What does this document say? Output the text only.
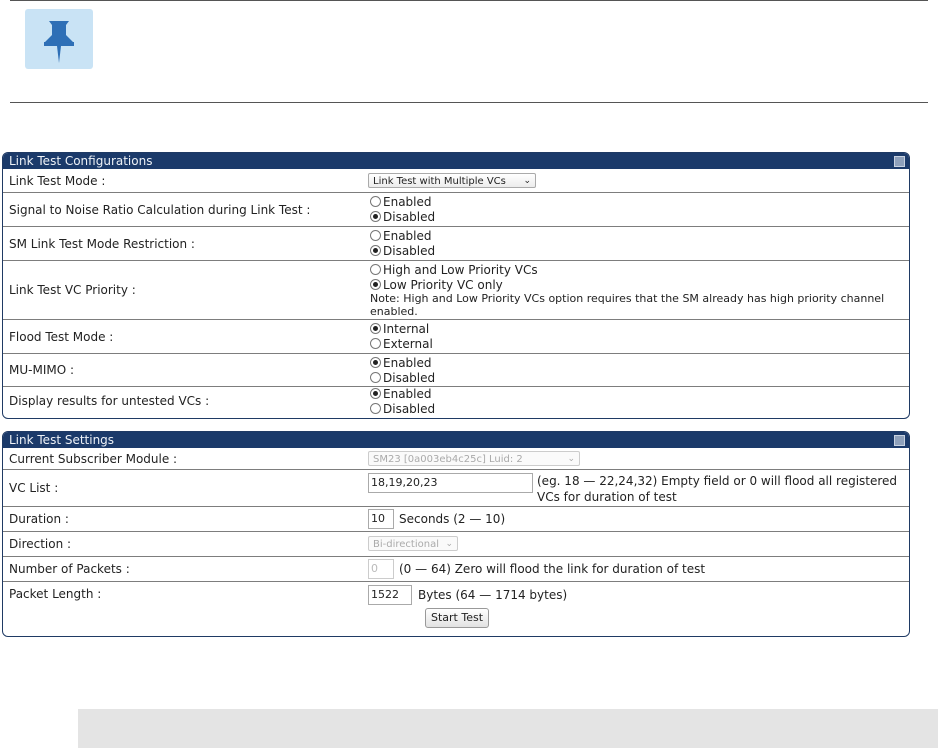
Link Test Configurations
Link Test Mode :	Link Test with Multiple VCs ⌄
Signal to Noise Ratio Calculation during Link Test :
Enabled
Disabled
SM Link Test Mode Restriction :
Enabled
Disabled
Link Test VC Priority :
High and Low Priority VCs
Low Priority VC only
Note: High and Low Priority VCs option requires that the SM already has high priority channel enabled.
Flood Test Mode :
Internal
External
MU-MIMO :
Enabled
Disabled
Display results for untested VCs :
Enabled
Disabled
Link Test Settings
Current Subscriber Module :	SM23 [0a003eb4c25c] Luid: 2	⌄
VC List :	18,19,20,23	(eg. 18 — 22,24,32) Empty field or 0 will flood all registered VCs for duration of test
Duration :	10	Seconds (2 — 10)
Direction :	Bi-directional ⌄
Number of Packets :	0	(0 — 64) Zero will flood the link for duration of test
Packet Length :	1522	Bytes (64 — 1714 bytes)
Start Test
